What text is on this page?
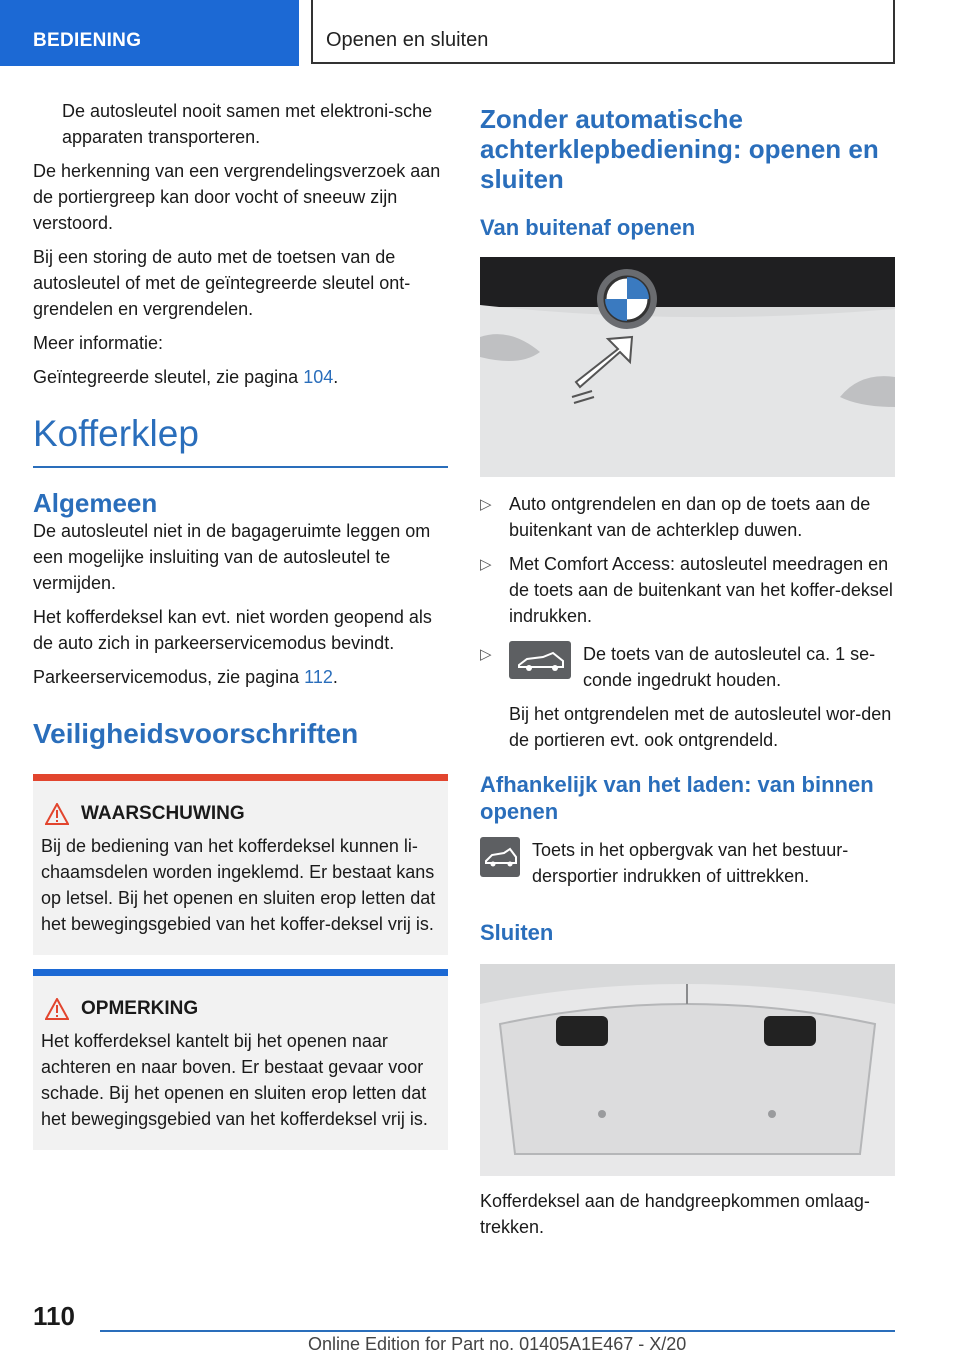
BEDIENING	Openen en sluiten

De autosleutel nooit samen met elektroni-sche apparaten transporteren.

De herkenning van een vergrendelingsverzoek aan de portiergreep kan door vocht of sneeuw zijn verstoord.

Bij een storing de auto met de toetsen van de autosleutel of met de geïntegreerde sleutel ont-grendelen en vergrendelen.

Meer informatie:

Geïntegreerde sleutel, zie pagina 104.

Kofferklep
Algemeen

De autosleutel niet in de bagageruimte leggen om een mogelijke insluiting van de autosleutel te vermijden.

Het kofferdeksel kan evt. niet worden geopend als de auto zich in parkeerservicemodus bevindt.

Parkeerservicemodus, zie pagina 112.

Veiligheidsvoorschriften
WAARSCHUWING

Bij de bediening van het kofferdeksel kunnen li-chaamsdelen worden ingeklemd. Er bestaat kans op letsel. Bij het openen en sluiten erop letten dat het bewegingsgebied van het koffer-deksel vrij is.

OPMERKING

Het kofferdeksel kantelt bij het openen naar achteren en naar boven. Er bestaat gevaar voor schade. Bij het openen en sluiten erop letten dat het bewegingsgebied van het kofferdeksel vrij is.

Zonder automatische achterklepbediening: openen en sluiten
Van buitenaf openen
▷ Auto ontgrendelen en dan op de toets aan de buitenkant van de achterklep duwen.
▷ Met Comfort Access: autosleutel meedragen en de toets aan de buitenkant van het koffer-deksel indrukken.
▷	De toets van de autosleutel ca. 1 se-conde ingedrukt houden.

Bij het ontgrendelen met de autosleutel wor-den de portieren evt. ook ontgrendeld.

Afhankelijk van het laden: van binnen openen
Toets in het opbergvak van het bestuur-dersportier indrukken of uittrekken.
Sluiten

Kofferdeksel aan de handgreepkommen omlaag-trekken.

110
Online Edition for Part no. 01405A1E467 - X/20
